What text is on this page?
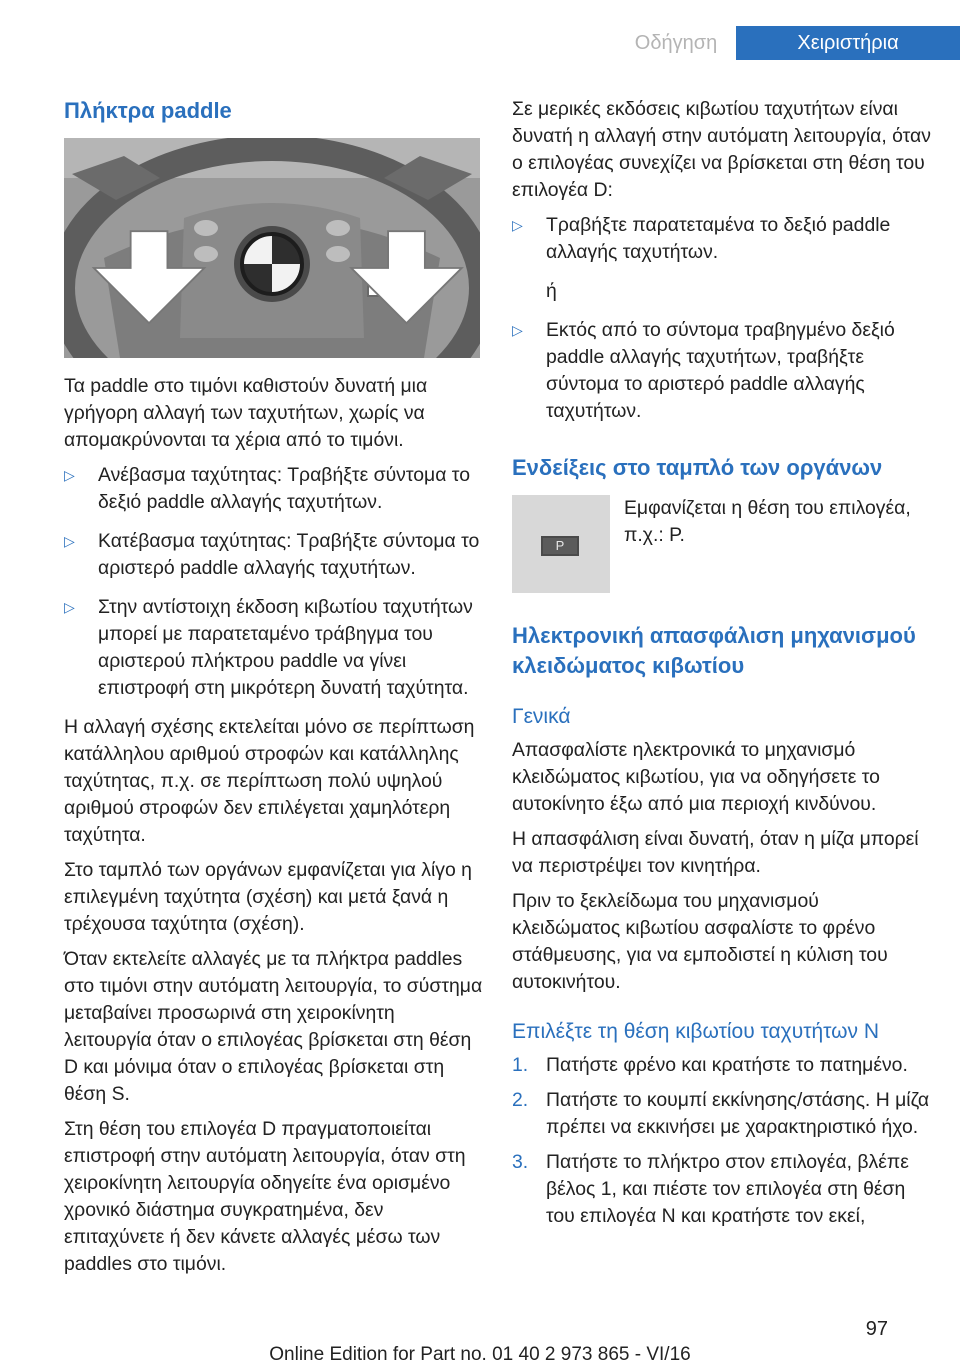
Οδήγηση	Χειριστήρια
Πλήκτρα paddle

Τα paddle στο τιμόνι καθιστούν δυνατή μια γρήγορη αλλαγή των ταχυτήτων, χωρίς να απομακρύνονται τα χέρια από το τιμόνι.

▷ Ανέβασμα ταχύτητας: Τραβήξτε σύντομα το δεξιό paddle αλλαγής ταχυτήτων.
▷ Κατέβασμα ταχύτητας: Τραβήξτε σύντομα το αριστερό paddle αλλαγής ταχυτήτων.
▷ Στην αντίστοιχη έκδοση κιβωτίου ταχυτήτων μπορεί με παρατεταμένο τράβηγμα του αριστερού πλήκτρου paddle να γίνει επιστροφή στη μικρότερη δυνατή ταχύτητα.

Η αλλαγή σχέσης εκτελείται μόνο σε περίπτωση κατάλληλου αριθμού στροφών και κατάλληλης ταχύτητας, π.χ. σε περίπτωση πολύ υψηλού αριθμού στροφών δεν επιλέγεται χαμηλότερη ταχύτητα.

Στο ταμπλό των οργάνων εμφανίζεται για λίγο η επιλεγμένη ταχύτητα (σχέση) και μετά ξανά η τρέχουσα ταχύτητα (σχέση).

Όταν εκτελείτε αλλαγές με τα πλήκτρα paddles στο τιμόνι στην αυτόματη λειτουργία, το σύστημα μεταβαίνει προσωρινά στη χειροκίνητη λειτουργία όταν ο επιλογέας βρίσκεται στη θέση D και μόνιμα όταν ο επιλογέας βρίσκεται στη θέση S.

Στη θέση του επιλογέα D πραγματοποιείται επιστροφή στην αυτόματη λειτουργία, όταν στη χειροκίνητη λειτουργία οδηγείτε ένα ορισμένο χρονικό διάστημα συγκρατημένα, δεν επιταχύνετε ή δεν κάνετε αλλαγές μέσω των paddles στο τιμόνι.

Σε μερικές εκδόσεις κιβωτίου ταχυτήτων είναι δυνατή η αλλαγή στην αυτόματη λειτουργία, όταν ο επιλογέας συνεχίζει να βρίσκεται στη θέση του επιλογέα D:

▷ Τραβήξτε παρατεταμένα το δεξιό paddle αλλαγής ταχυτήτων.

ή

▷ Εκτός από το σύντομα τραβηγμένο δεξιό paddle αλλαγής ταχυτήτων, τραβήξτε σύντομα το αριστερό paddle αλλαγής ταχυτήτων.
Ενδείξεις στο ταμπλό των οργάνων
P
Εμφανίζεται η θέση του επιλογέα, π.χ.: P.
Ηλεκτρονική απασφάλιση μηχανισμού κλειδώματος κιβωτίου
Γενικά

Απασφαλίστε ηλεκτρονικά το μηχανισμό κλειδώματος κιβωτίου, για να οδηγήσετε το αυτοκίνητο έξω από μια περιοχή κινδύνου.

Η απασφάλιση είναι δυνατή, όταν η μίζα μπορεί να περιστρέψει τον κινητήρα.

Πριν το ξεκλείδωμα του μηχανισμού κλειδώματος κιβωτίου ασφαλίστε το φρένο στάθμευσης, για να εμποδιστεί η κύλιση του αυτοκινήτου.

Επιλέξτε τη θέση κιβωτίου ταχυτήτων N
1. Πατήστε φρένο και κρατήστε το πατημένο.
2. Πατήστε το κουμπί εκκίνησης/στάσης. Η μίζα πρέπει να εκκινήσει με χαρακτηριστικό ήχο.
3. Πατήστε το πλήκτρο στον επιλογέα, βλέπε βέλος 1, και πιέστε τον επιλογέα στη θέση του επιλογέα N και κρατήστε τον εκεί,
97
Online Edition for Part no. 01 40 2 973 865 - VI/16
